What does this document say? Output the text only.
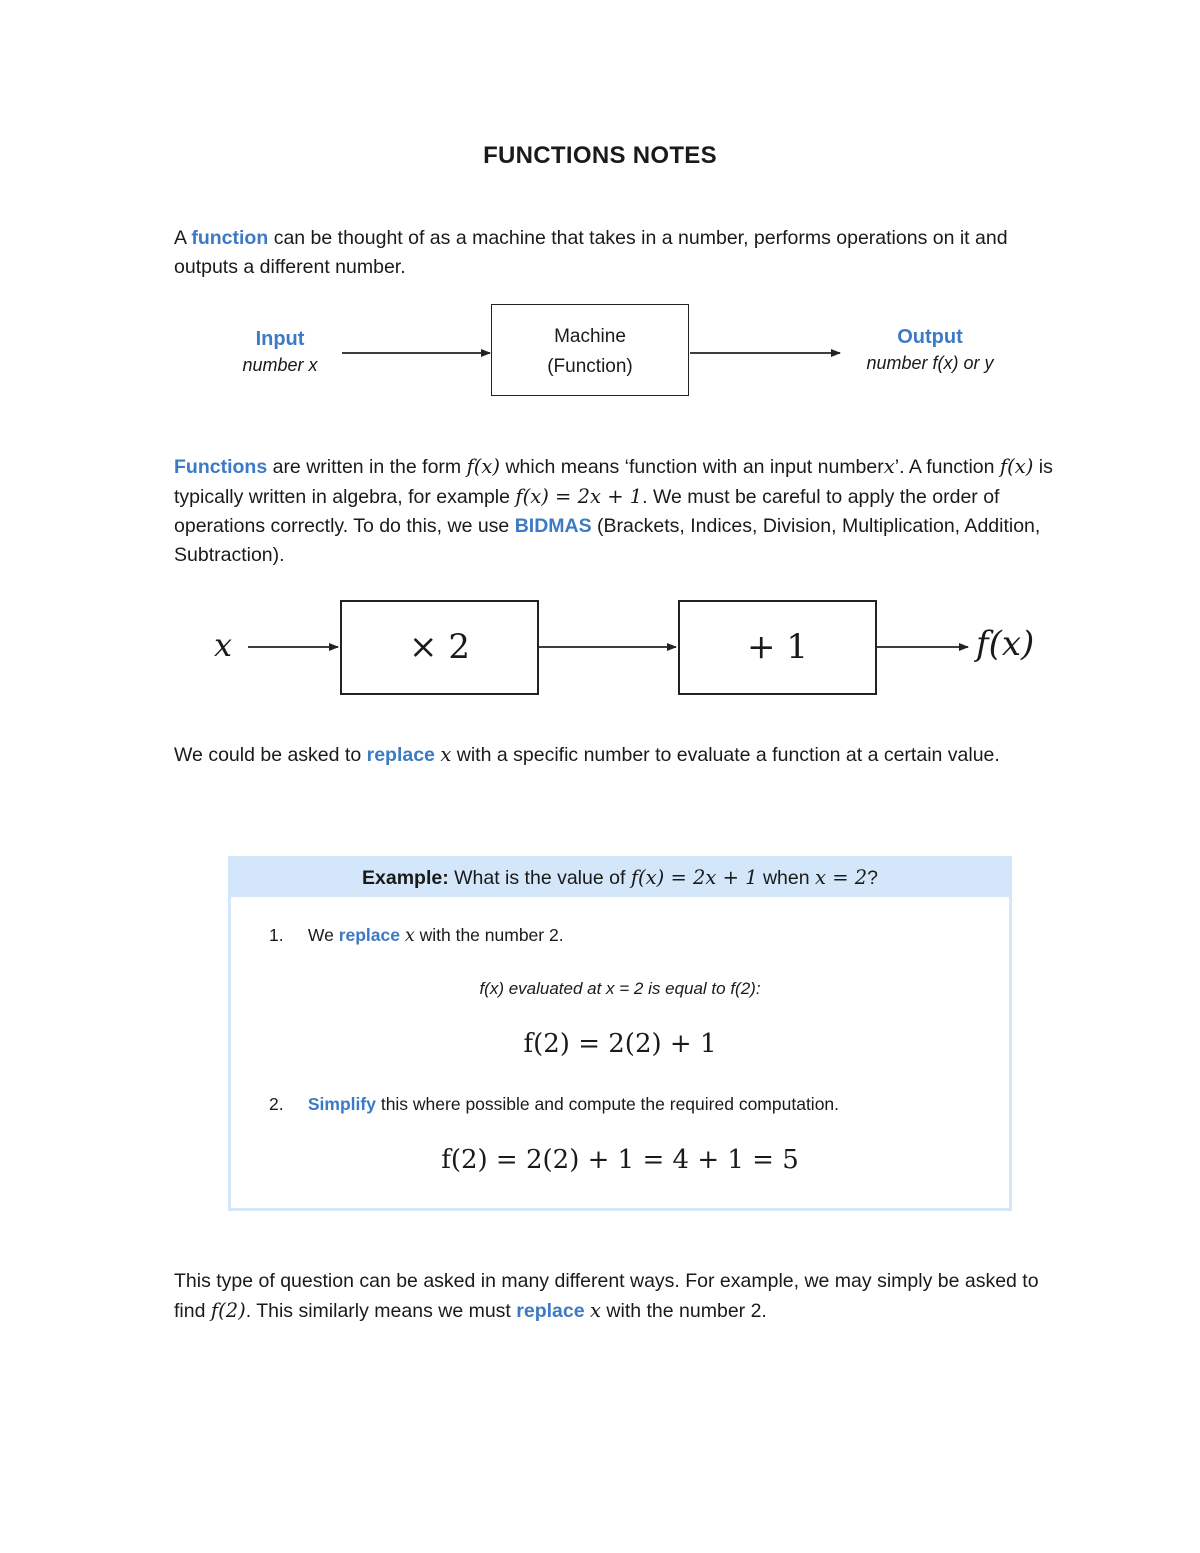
FUNCTIONS NOTES
A function can be thought of as a machine that takes in a number, performs operations on it and outputs a different number.
Input
number x
Machine
(Function)
Output
number f(x) or y
Functions are written in the form f(x) which means ‘function with an input numberx’. A function f(x) is typically written in algebra, for example f(x) = 2x + 1. We must be careful to apply the order of operations correctly. To do this, we use BIDMAS (Brackets, Indices, Division, Multiplication, Addition, Subtraction).
x	× 2	+ 1	f(x)
We could be asked to replace x with a specific number to evaluate a function at a certain value.
Example: What is the value of f(x) = 2x + 1 when x = 2?
1. We replace x with the number 2.
f(x) evaluated at x = 2 is equal to f(2):
f(2) = 2(2) + 1
2. Simplify this where possible and compute the required computation.
f(2) = 2(2) + 1 = 4 + 1 = 5
This type of question can be asked in many different ways. For example, we may simply be asked to find f(2). This similarly means we must replace x with the number 2.
